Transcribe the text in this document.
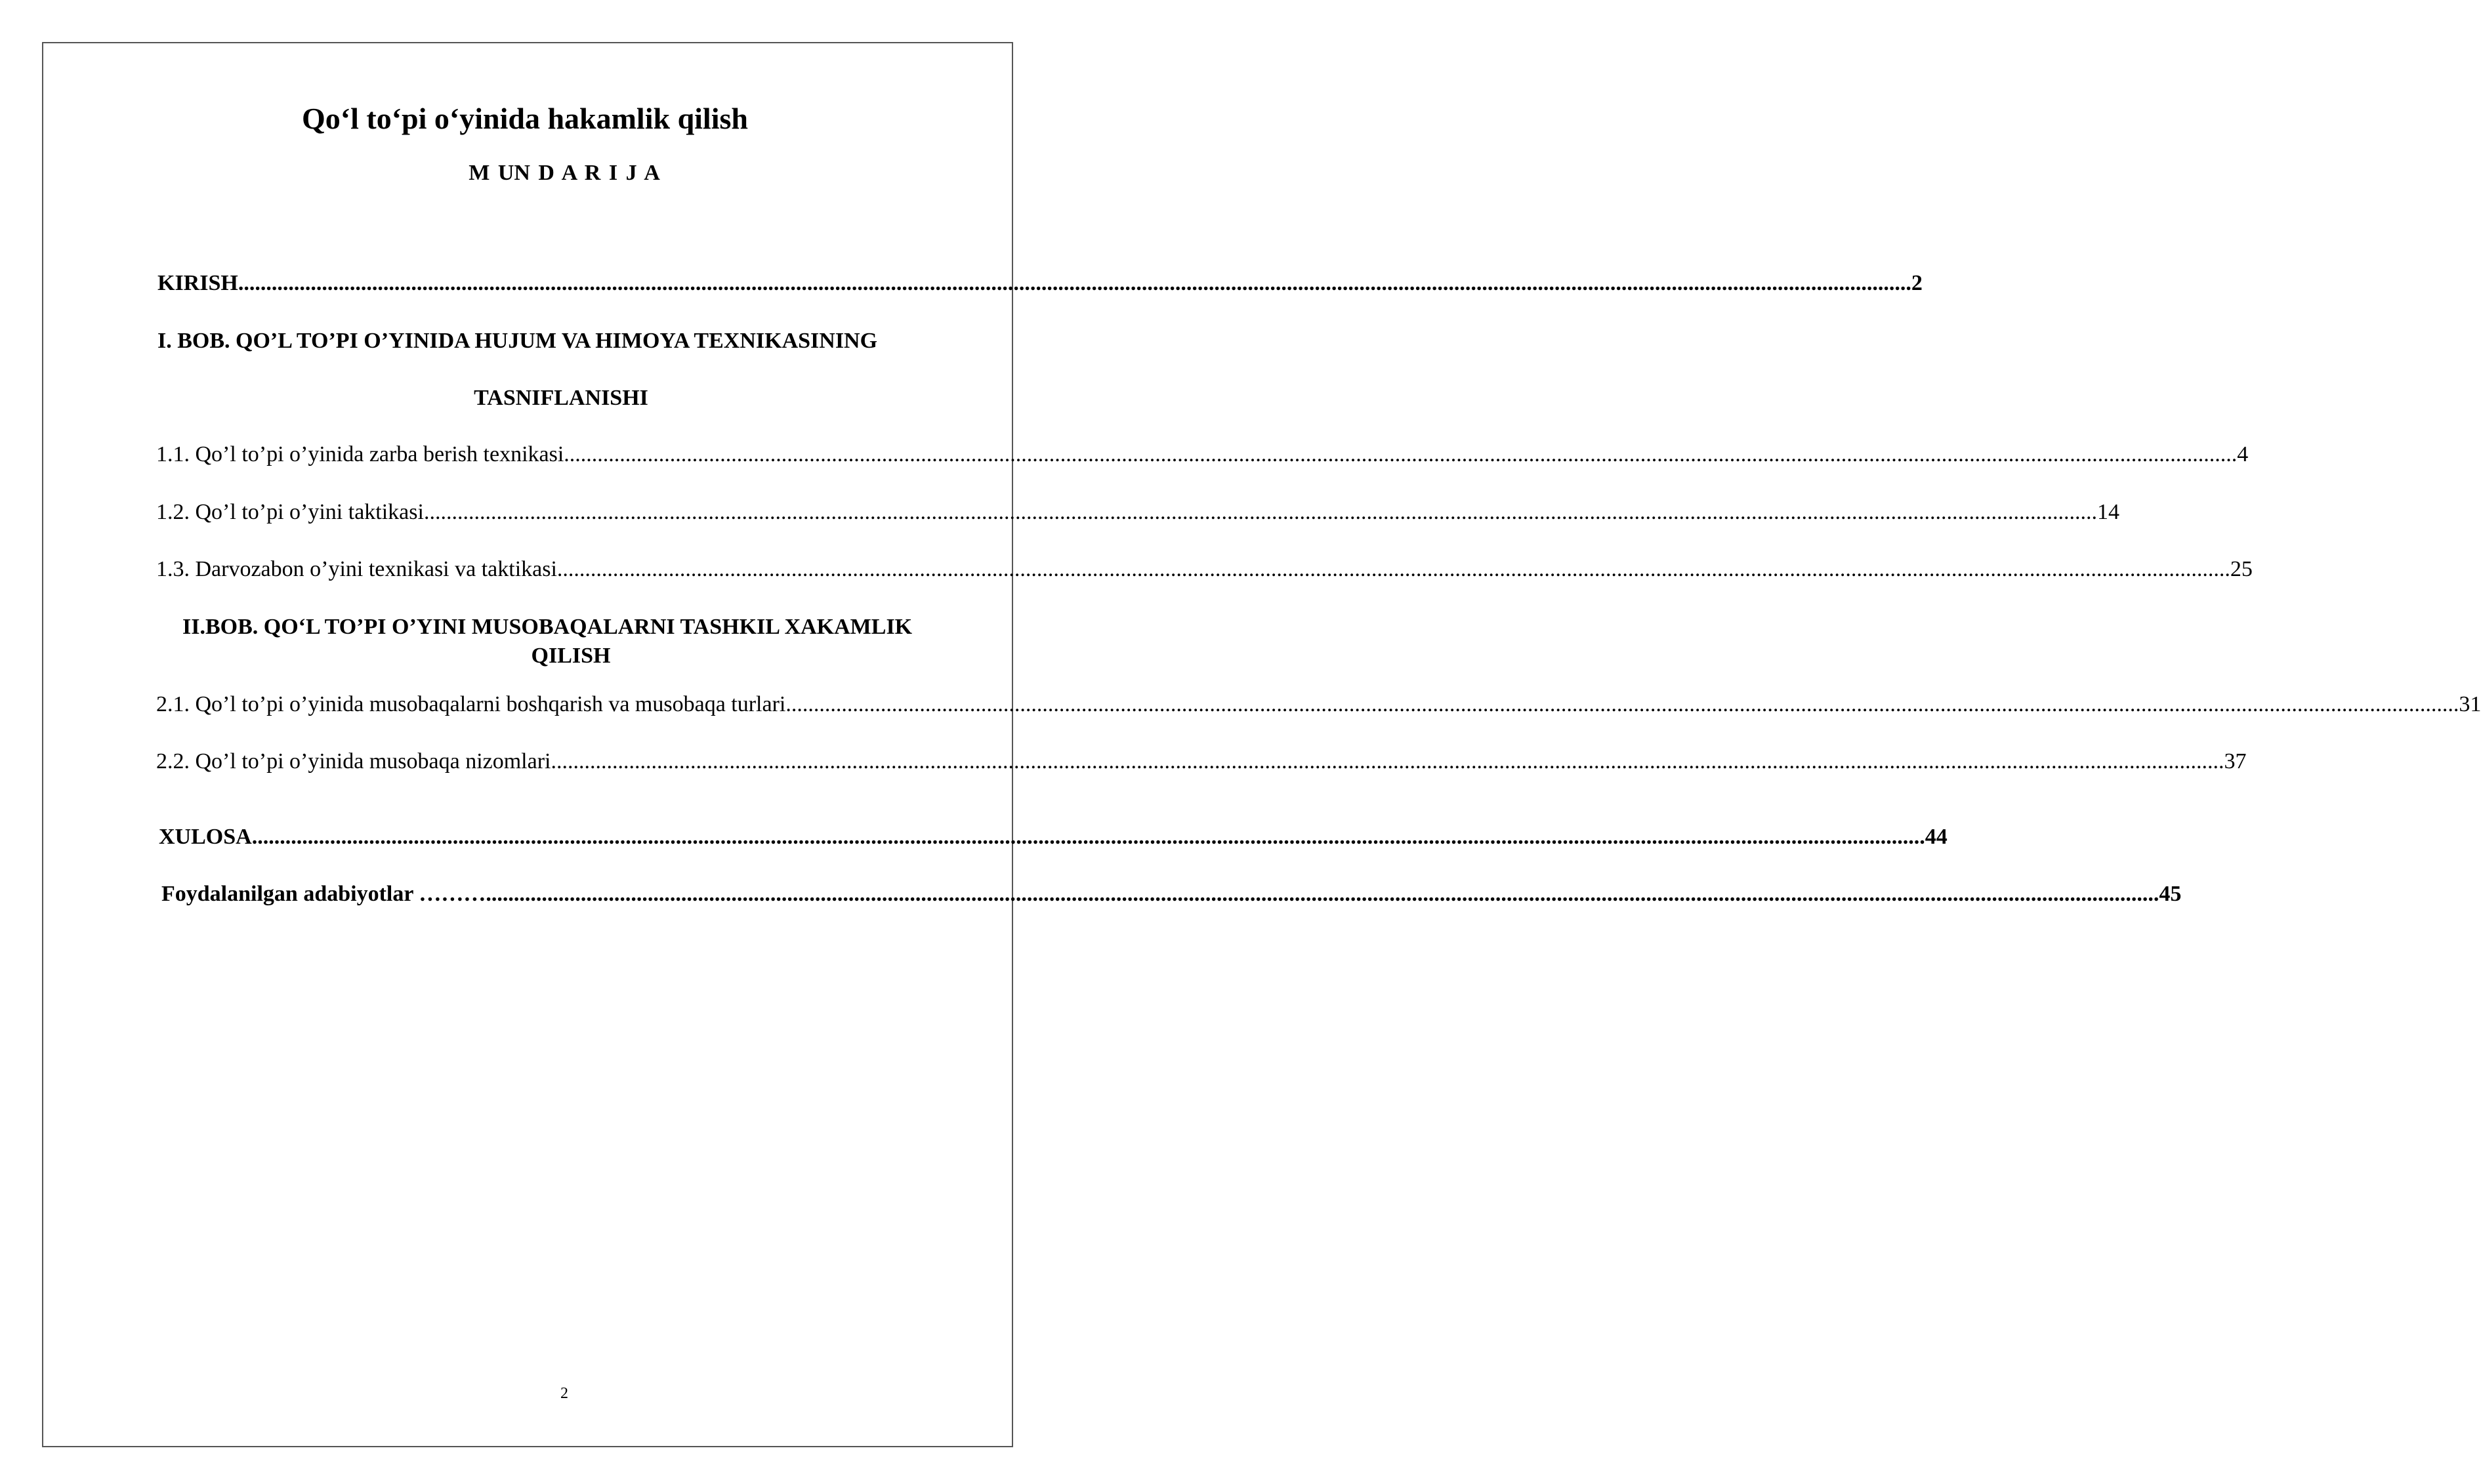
Qo‘l to‘pi o‘yinida hakamlik qilish
M UN D A R I J A
KIRISH ............................................................................................................................................................................................................................................................................................................ 2
I. BOB. QO’L TO’PI O’YINIDA HUJUM VA HIMOYA TEXNIKASINING
TASNIFLANISHI
1.1. Qo’l to’pi o’yinida zarba berish texnikasi ............................................................................................................................................................................................................................................................................................................ 4
1.2. Qo’l to’pi o’yini taktikasi ............................................................................................................................................................................................................................................................................................................ 14
1.3. Darvozabon o’yini texnikasi va taktikasi ............................................................................................................................................................................................................................................................................................................ 25
II.BOB. QO‘L TO’PI O’YINI MUSOBAQALARNI TASHKIL XAKAMLIK
QILISH
2.1. Qo’l to’pi o’yinida musobaqalarni boshqarish va musobaqa turlari ............................................................................................................................................................................................................................................................................................................ 31
2.2. Qo’l to’pi o’yinida musobaqa nizomlari ............................................................................................................................................................................................................................................................................................................ 37
XULOSA ............................................................................................................................................................................................................................................................................................................ 44
Foydalanilgan adabiyotlar ……… ............................................................................................................................................................................................................................................................................................................ 45
2
